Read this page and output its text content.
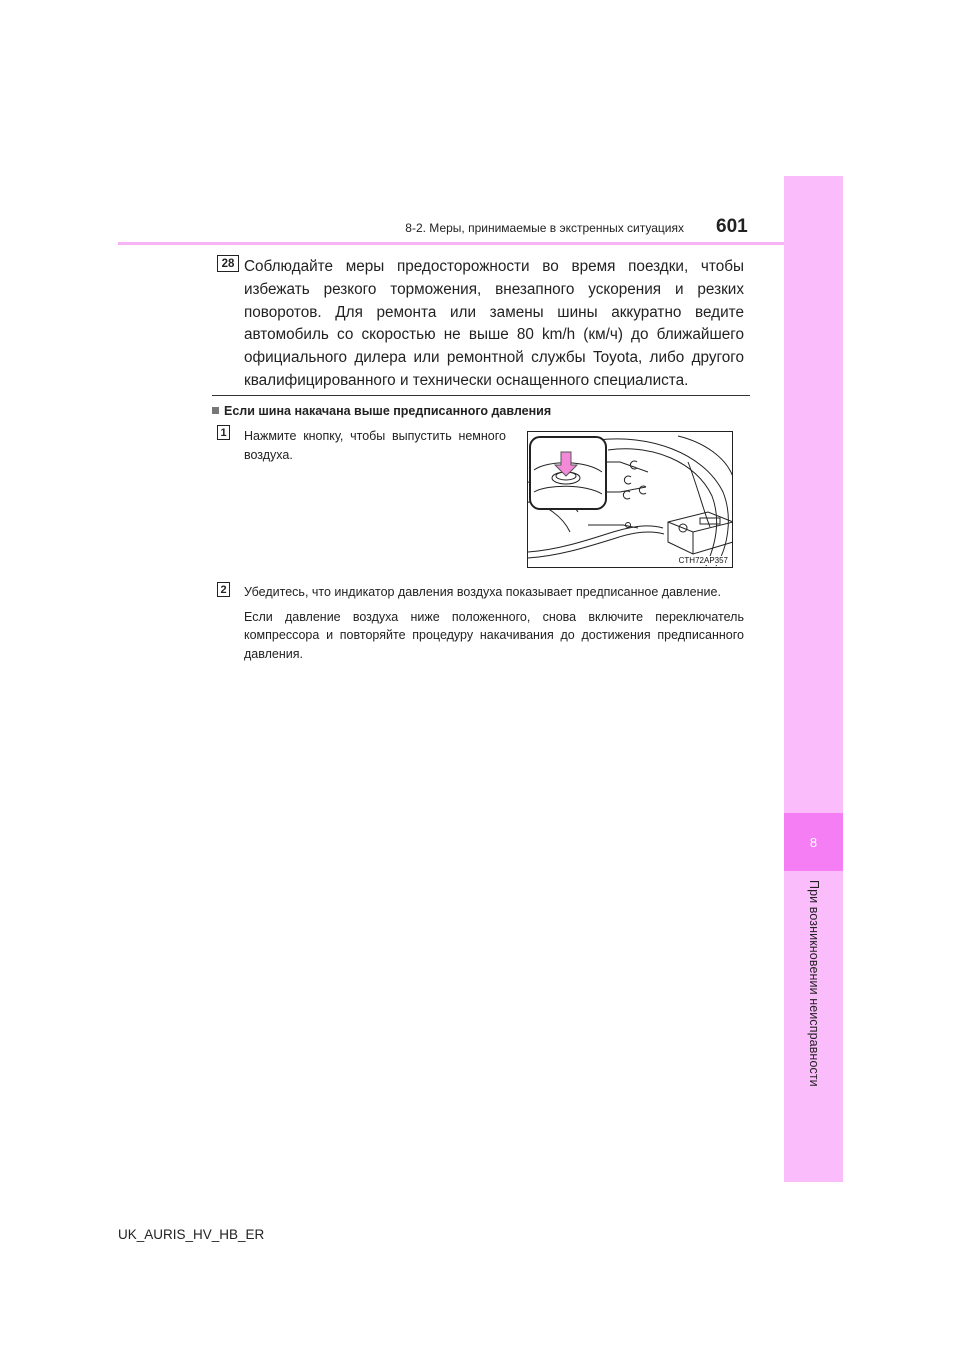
8
При возникновении неисправности
8-2. Меры, принимаемые в экстренных ситуациях 601
28 Соблюдайте меры предосторожности во время поездки, чтобы избежать резкого торможения, внезапного ускорения и резких поворотов. Для ремонта или замены шины аккуратно ведите автомобиль со скоростью не выше 80 km/h (км/ч) до ближайшего официального дилера или ремонтной службы Toyota, либо другого квалифицированного и технически оснащенного специалиста.
Если шина накачана выше предписанного давления
1 Нажмите кнопку, чтобы выпустить немного воздуха.
CTH72AP357
2 Убедитесь, что индикатор давления воздуха показывает предписанное давление.

Если давление воздуха ниже положенного, снова включите переключатель компрессора и повторяйте процедуру накачивания до достижения предписанного давления.

UK_AURIS_HV_HB_ER
